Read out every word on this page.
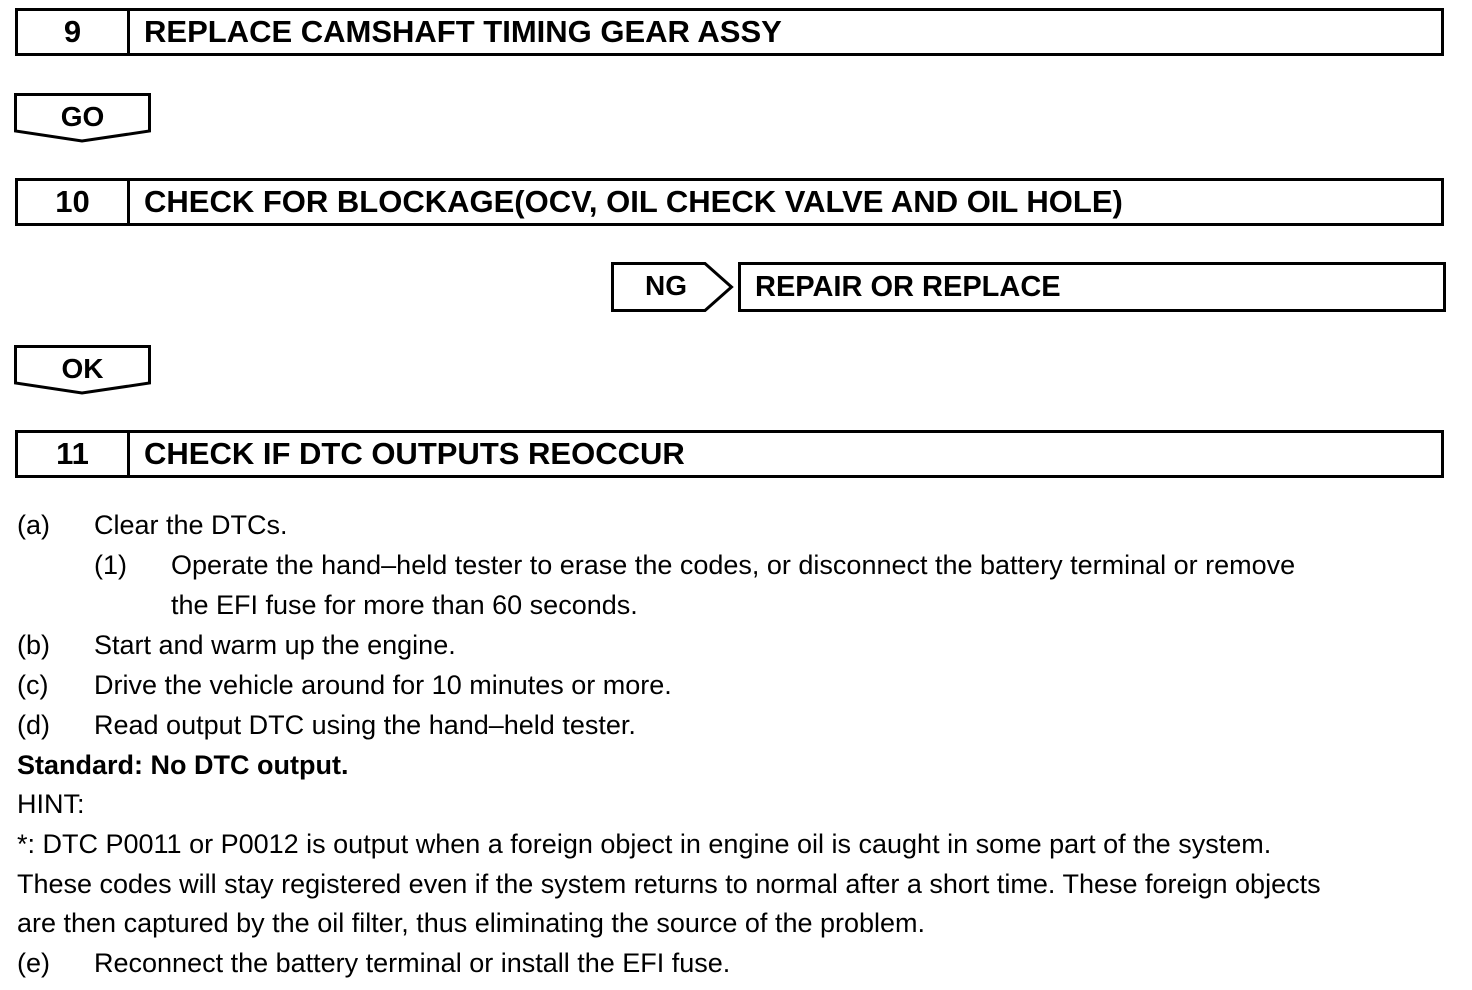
9	REPLACE CAMSHAFT TIMING GEAR ASSY
GO
10	CHECK FOR BLOCKAGE(OCV, OIL CHECK VALVE AND OIL HOLE)
NG	REPAIR OR REPLACE
OK
11	CHECK IF DTC OUTPUTS REOCCUR
(a) Clear the DTCs.
(1) Operate the hand–held tester to erase the codes, or disconnect the battery terminal or remove
the EFI fuse for more than 60 seconds.
(b) Start and warm up the engine.
(c) Drive the vehicle around for 10 minutes or more.
(d) Read output DTC using the hand–held tester.
Standard: No DTC output.
HINT:
*: DTC P0011 or P0012 is output when a foreign object in engine oil is caught in some part of the system.
These codes will stay registered even if the system returns to normal after a short time. These foreign objects
are then captured by the oil filter, thus eliminating the source of the problem.
(e) Reconnect the battery terminal or install the EFI fuse.
